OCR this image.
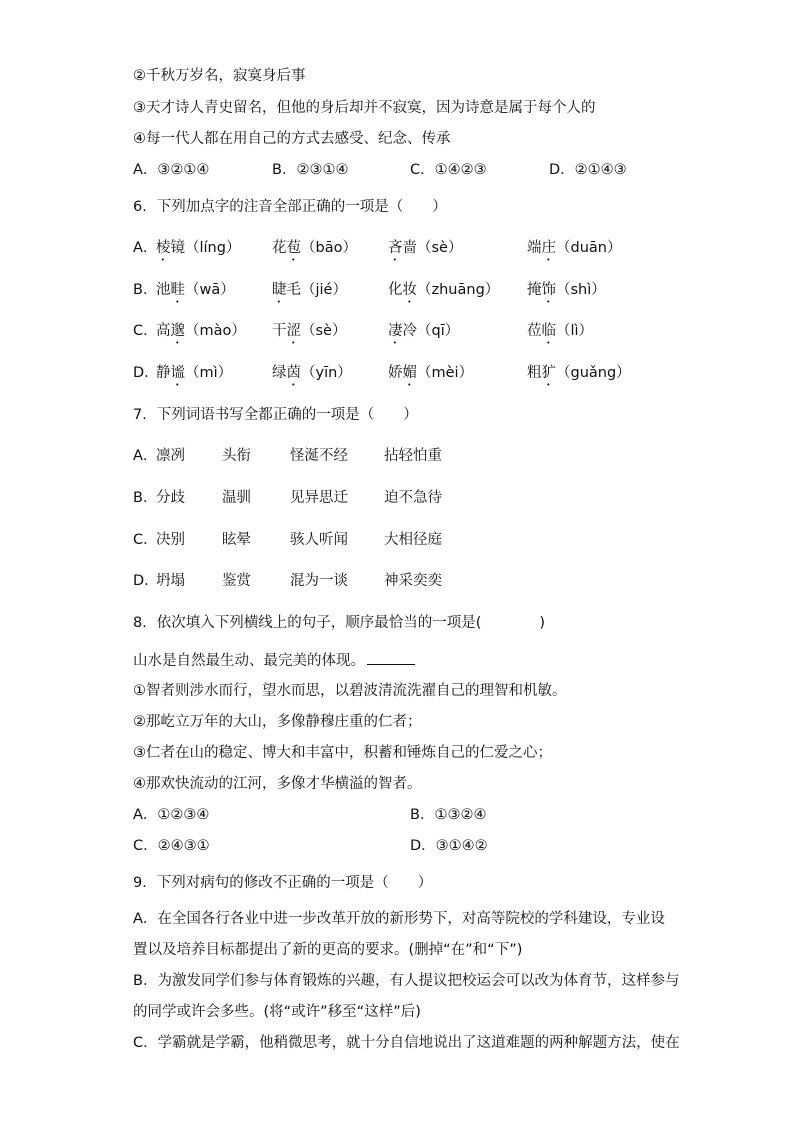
②千秋万岁名，寂寞身后事
③天才诗人青史留名，但他的身后却并不寂寞，因为诗意是属于每个人的
④每一代人都在用自己的方式去感受、纪念、传承
A．③②①④	B．②③①④	C．①④②③	D．②①④③
6．下列加点字的注音全部正确的一项是（　　）
A．
棱镜（líng） 花苞（bāo） 吝啬（sè）	端庄（duān）
B．
池畦（wā）	睫毛（jié）	化妆（zhuāng） 掩饰（shì）
C．
高邈（mào） 干涩（sè）	凄冷（qī）	莅临（lì）
D．
静谧（mì）	绿茵（yīn） 娇媚（mèi）	粗犷（guǎng）
7．下列词语书写全都正确的一项是（　　）
A．
凛冽	头衔	怪涎不经 拈轻怕重
B．
分歧	温驯	见异思迁 迫不急待
C．
决别	眩晕	骇人听闻 大相径庭
D．
坍塌	鉴赏	混为一谈 神采奕奕
8．依次填入下列横线上的句子，顺序最恰当的一项是(　　　　)
山水是自然最生动、最完美的体现。
①智者则涉水而行，望水而思，以碧波清流洗濯自己的理智和机敏。
②那屹立万年的大山，多像静穆庄重的仁者；
③仁者在山的稳定、博大和丰富中，积蓄和锤炼自己的仁爱之心；
④那欢快流动的江河，多像才华横溢的智者。
A．①②③④	B．①③②④
C．②④③①	D．③①④②
9．下列对病句的修改不正确的一项是（　　）
A．在全国各行各业中进一步改革开放的新形势下，对高等院校的学科建设，专业设
置以及培养目标都提出了新的更高的要求。(删掉“在”和“下”)
B．为激发同学们参与体育锻炼的兴趣，有人提议把校运会可以改为体育节，这样参与
的同学或许会多些。(将“或许”移至“这样”后)
C．学霸就是学霸，他稍微思考，就十分自信地说出了这道难题的两种解题方法，使在
